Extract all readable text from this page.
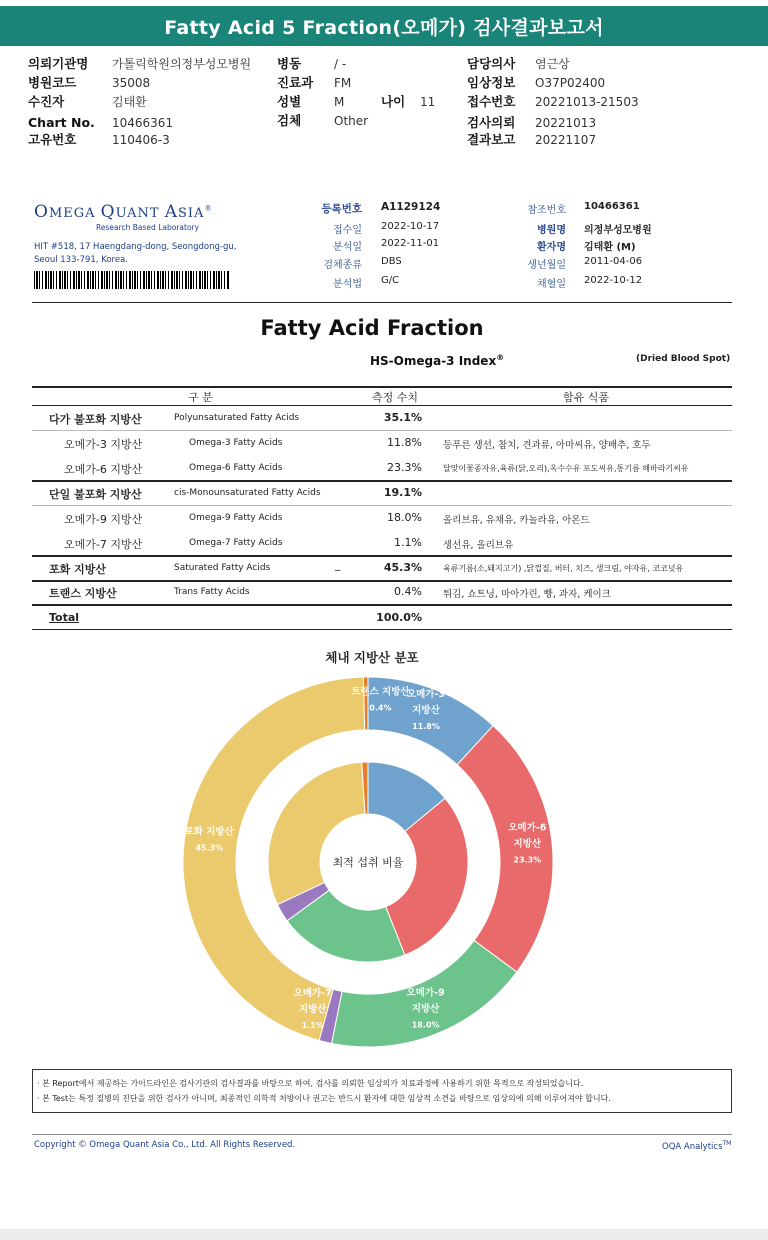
Fatty Acid 5 Fraction(오메가) 검사결과보고서
의뢰기관명 가톨릭학원의정부성모병원
병원코드	35008
수진자	김태환
Chart No. 10466361
고유번호	110406-3
병동	/ -
진료과 FM
성별	M	나이 11
검체	Other
담당의사 염근상
임상정보 O37P02400
접수번호 20221013-21503
검사의뢰 20221013
결과보고 20221107
OMEGA QUANT ASIA®
Research Based Laboratory
HIT #518, 17 Haengdang-dong, Seongdong-gu,
Seoul 133-791, Korea.
등록번호 A1129124
접수일 2022-10-17
분석일 2022-11-01
검체종류 DBS
분석법 G/C
참조번호 10466361
병원명 의정부성모병원
환자명 김태환 (M)
생년월일 2011-04-06
채혈일 2022-10-12
Fatty Acid Fraction
HS-Omega-3 Index®	(Dried Blood Spot)
구 분	측정 수치	함유 식품
다가 불포화 지방산	Polyunsaturated Fatty Acids	35.1%
오메가-3 지방산	Omega-3 Fatty Acids	11.8% 등푸른 생선, 참치, 견과류, 아마씨유, 양배추, 호두
오메가-6 지방산	Omega-6 Fatty Acids	23.3%	달맞이꽃종자유,육류(닭,오리),옥수수유 포도씨유,통기름 해바라기씨유
단일 불포화 지방산	cis-Monounsaturated Fatty Acids	19.1%
오메가-9 지방산	Omega-9 Fatty Acids	18.0% 올리브유, 유채유, 카놀라유, 아몬드
오메가-7 지방산	Omega-7 Fatty Acids	1.1% 생선유, 올리브유
포화 지방산	Saturated Fatty Acids	_	45.3%	육류기름(소,돼지고기) ,닭껍질, 버터, 치즈, 생크림, 야자유, 코코넛유
트랜스 지방산	Trans Fatty Acids	0.4% 튀김, 쇼트닝, 마아가린, 빵, 과자, 케이크
Total	100.0%
체내 지방산 분포
최적 섭취 비율
오메가-3
지방산
11.8%
오메가-6
지방산
23.3%
오메가-9
지방산
18.0%
오메가-7
지방산
1.1%
포화 지방산
45.3%
트랜스 지방산
0.4%
· 본 Report에서 제공하는 가이드라인은 검사기관의 검사결과를 바탕으로 하여, 검사를 의뢰한 임상의가 치료과정에 사용하기 위한 목적으로 작성되었습니다.
· 본 Test는 특정 질병의 진단을 위한 검사가 아니며, 최종적인 의학적 처방이나 권고는 반드시 환자에 대한 임상적 소견을 바탕으로 임상의에 의해 이루어져야 합니다.
Copyright © Omega Quant Asia Co., Ltd. All Rights Reserved.	OQA Analytics™
